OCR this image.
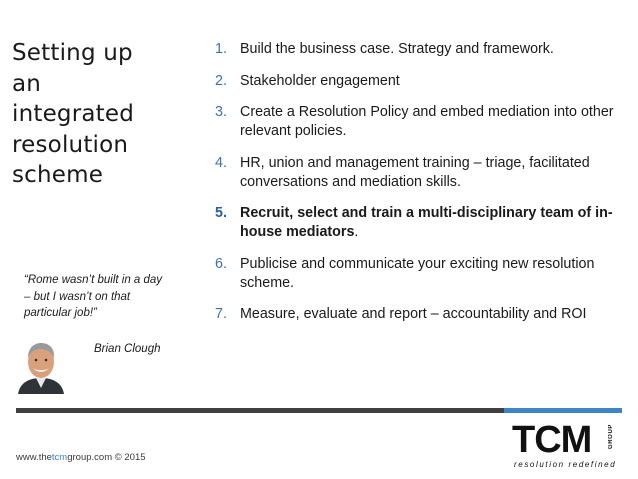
Setting up
an
integrated
resolution
scheme
1. Build the business case. Strategy and framework.
2. Stakeholder engagement
3. Create a Resolution Policy and embed mediation into other relevant policies.
4. HR, union and management training – triage, facilitated conversations and mediation skills.
5. Recruit, select and train a multi-disciplinary team of in-house mediators.
6. Publicise and communicate your exciting new resolution scheme.
7. Measure, evaluate and report – accountability and ROI
“Rome wasn’t built in a day – but I wasn’t on that particular job!”
Brian Clough
www.thetcmgroup.com © 2015	TCM	GROUP
resolution redefined
